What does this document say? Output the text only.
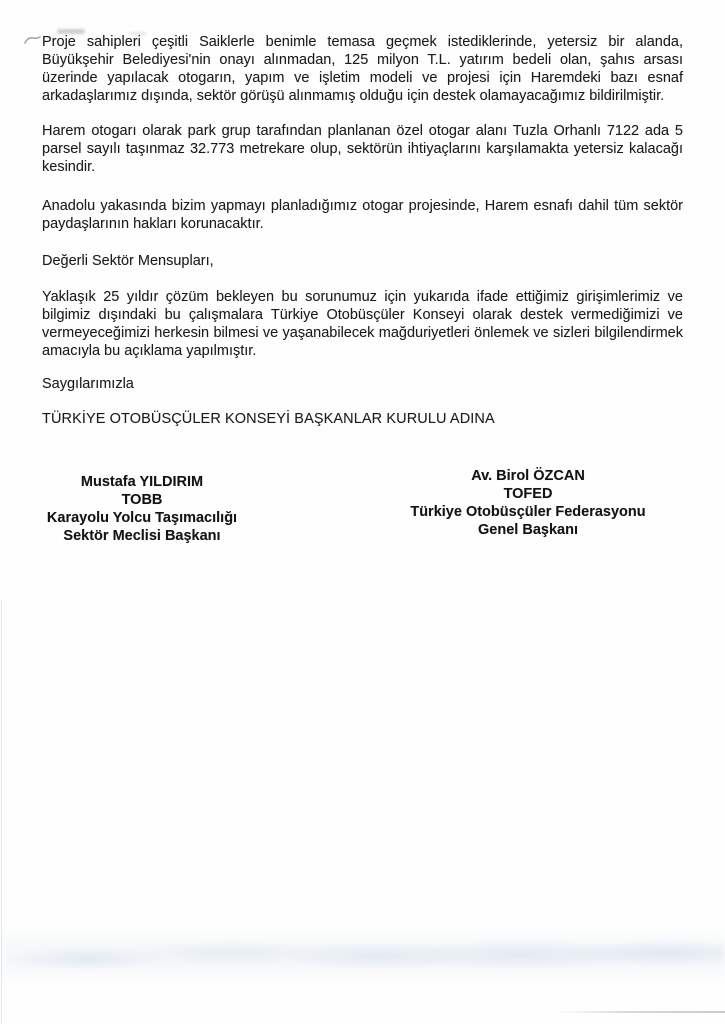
Proje sahipleri çeşitli Saiklerle benimle temasa geçmek istediklerinde, yetersiz bir alanda, Büyükşehir Belediyesi'nin onayı alınmadan, 125 milyon T.L. yatırım bedeli olan, şahıs arsası üzerinde yapılacak otogarın, yapım ve işletim modeli ve projesi için Haremdeki bazı esnaf arkadaşlarımız dışında, sektör görüşü alınmamış olduğu için destek olamayacağımız bildirilmiştir.

Harem otogarı olarak park grup tarafından planlanan özel otogar alanı Tuzla Orhanlı 7122 ada 5 parsel sayılı taşınmaz 32.773 metrekare olup, sektörün ihtiyaçlarını karşılamakta yetersiz kalacağı kesindir.

Anadolu yakasında bizim yapmayı planladığımız otogar projesinde, Harem esnafı dahil tüm sektör paydaşlarının hakları korunacaktır.

Değerli Sektör Mensupları,

Yaklaşık 25 yıldır çözüm bekleyen bu sorunumuz için yukarıda ifade ettiğimiz girişimlerimiz ve bilgimiz dışındaki bu çalışmalara Türkiye Otobüsçüler Konseyi olarak destek vermediğimizi ve vermeyeceğimizi herkesin bilmesi ve yaşanabilecek mağduriyetleri önlemek ve sizleri bilgilendirmek amacıyla bu açıklama yapılmıştır.

Saygılarımızla

TÜRKİYE OTOBÜSÇÜLER KONSEYİ BAŞKANLAR KURULU ADINA

Mustafa YILDIRIM
TOBB
Karayolu Yolcu Taşımacılığı
Sektör Meclisi Başkanı
Av. Birol ÖZCAN
TOFED
Türkiye Otobüsçüler Federasyonu
Genel Başkanı
